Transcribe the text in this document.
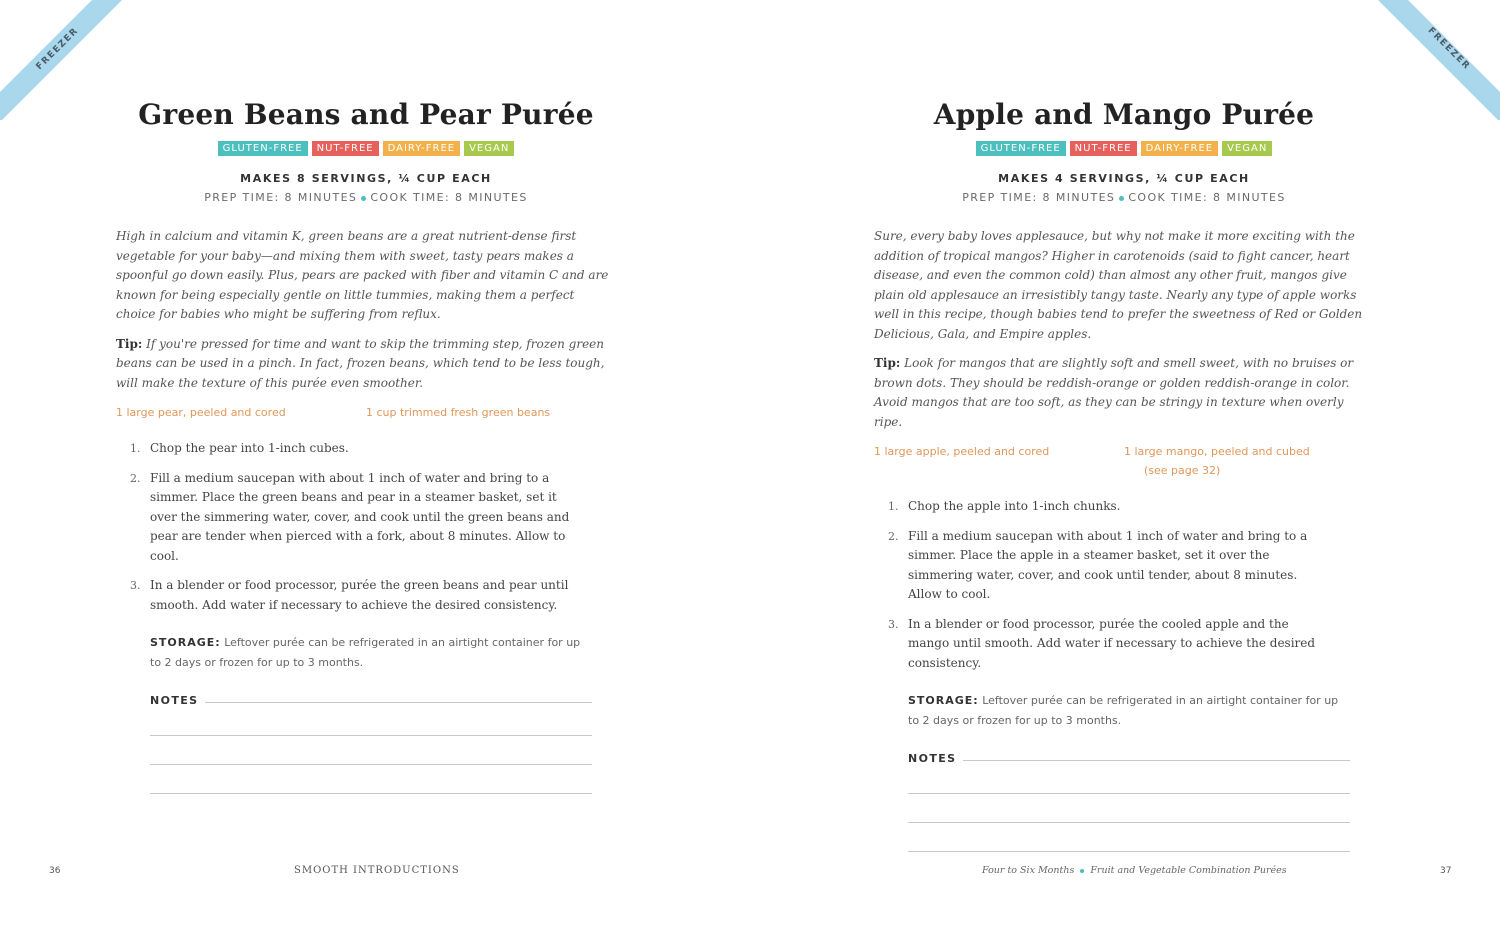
FREEZER
Green Beans and Pear Purée
GLUTEN-FREE NUT-FREE DAIRY-FREE VEGAN
MAKES 8 SERVINGS, ¼ CUP EACH
PREP TIME: 8 MINUTES COOK TIME: 8 MINUTES

High in calcium and vitamin K, green beans are a great nutrient-dense first vegetable for your baby—and mixing them with sweet, tasty pears makes a spoonful go down easily. Plus, pears are packed with fiber and vitamin C and are known for being especially gentle on little tummies, making them a perfect choice for babies who might be suffering from reflux.

Tip: If you're pressed for time and want to skip the trimming step, frozen green beans can be used in a pinch. In fact, frozen beans, which tend to be less tough, will make the texture of this purée even smoother.

1 large pear, peeled and cored	1 cup trimmed fresh green beans
1. Chop the pear into 1-inch cubes.
2. Fill a medium saucepan with about 1 inch of water and bring to a simmer. Place the green beans and pear in a steamer basket, set it over the simmering water, cover, and cook until the green beans and pear are tender when pierced with a fork, about 8 minutes. Allow to cool.
3. In a blender or food processor, purée the green beans and pear until smooth. Add water if necessary to achieve the desired consistency.

STORAGE: Leftover purée can be refrigerated in an airtight container for up to 2 days or frozen for up to 3 months.

NOTES
36	SMOOTH INTRODUCTIONS
FREEZER
Apple and Mango Purée
GLUTEN-FREE NUT-FREE DAIRY-FREE VEGAN
MAKES 4 SERVINGS, ¼ CUP EACH
PREP TIME: 8 MINUTES COOK TIME: 8 MINUTES

Sure, every baby loves applesauce, but why not make it more exciting with the addition of tropical mangos? Higher in carotenoids (said to fight cancer, heart disease, and even the common cold) than almost any other fruit, mangos give plain old applesauce an irresistibly tangy taste. Nearly any type of apple works well in this recipe, though babies tend to prefer the sweetness of Red or Golden Delicious, Gala, and Empire apples.

Tip: Look for mangos that are slightly soft and smell sweet, with no bruises or brown dots. They should be reddish-orange or golden reddish-orange in color. Avoid mangos that are too soft, as they can be stringy in texture when overly ripe.

1 large apple, peeled and cored	1 large mango, peeled and cubed
(see page 32)
1. Chop the apple into 1-inch chunks.
2. Fill a medium saucepan with about 1 inch of water and bring to a simmer. Place the apple in a steamer basket, set it over the simmering water, cover, and cook until tender, about 8 minutes. Allow to cool.
3. In a blender or food processor, purée the cooled apple and the mango until smooth. Add water if necessary to achieve the desired consistency.

STORAGE: Leftover purée can be refrigerated in an airtight container for up to 2 days or frozen for up to 3 months.

NOTES
Four to Six Months Fruit and Vegetable Combination Purées	37
